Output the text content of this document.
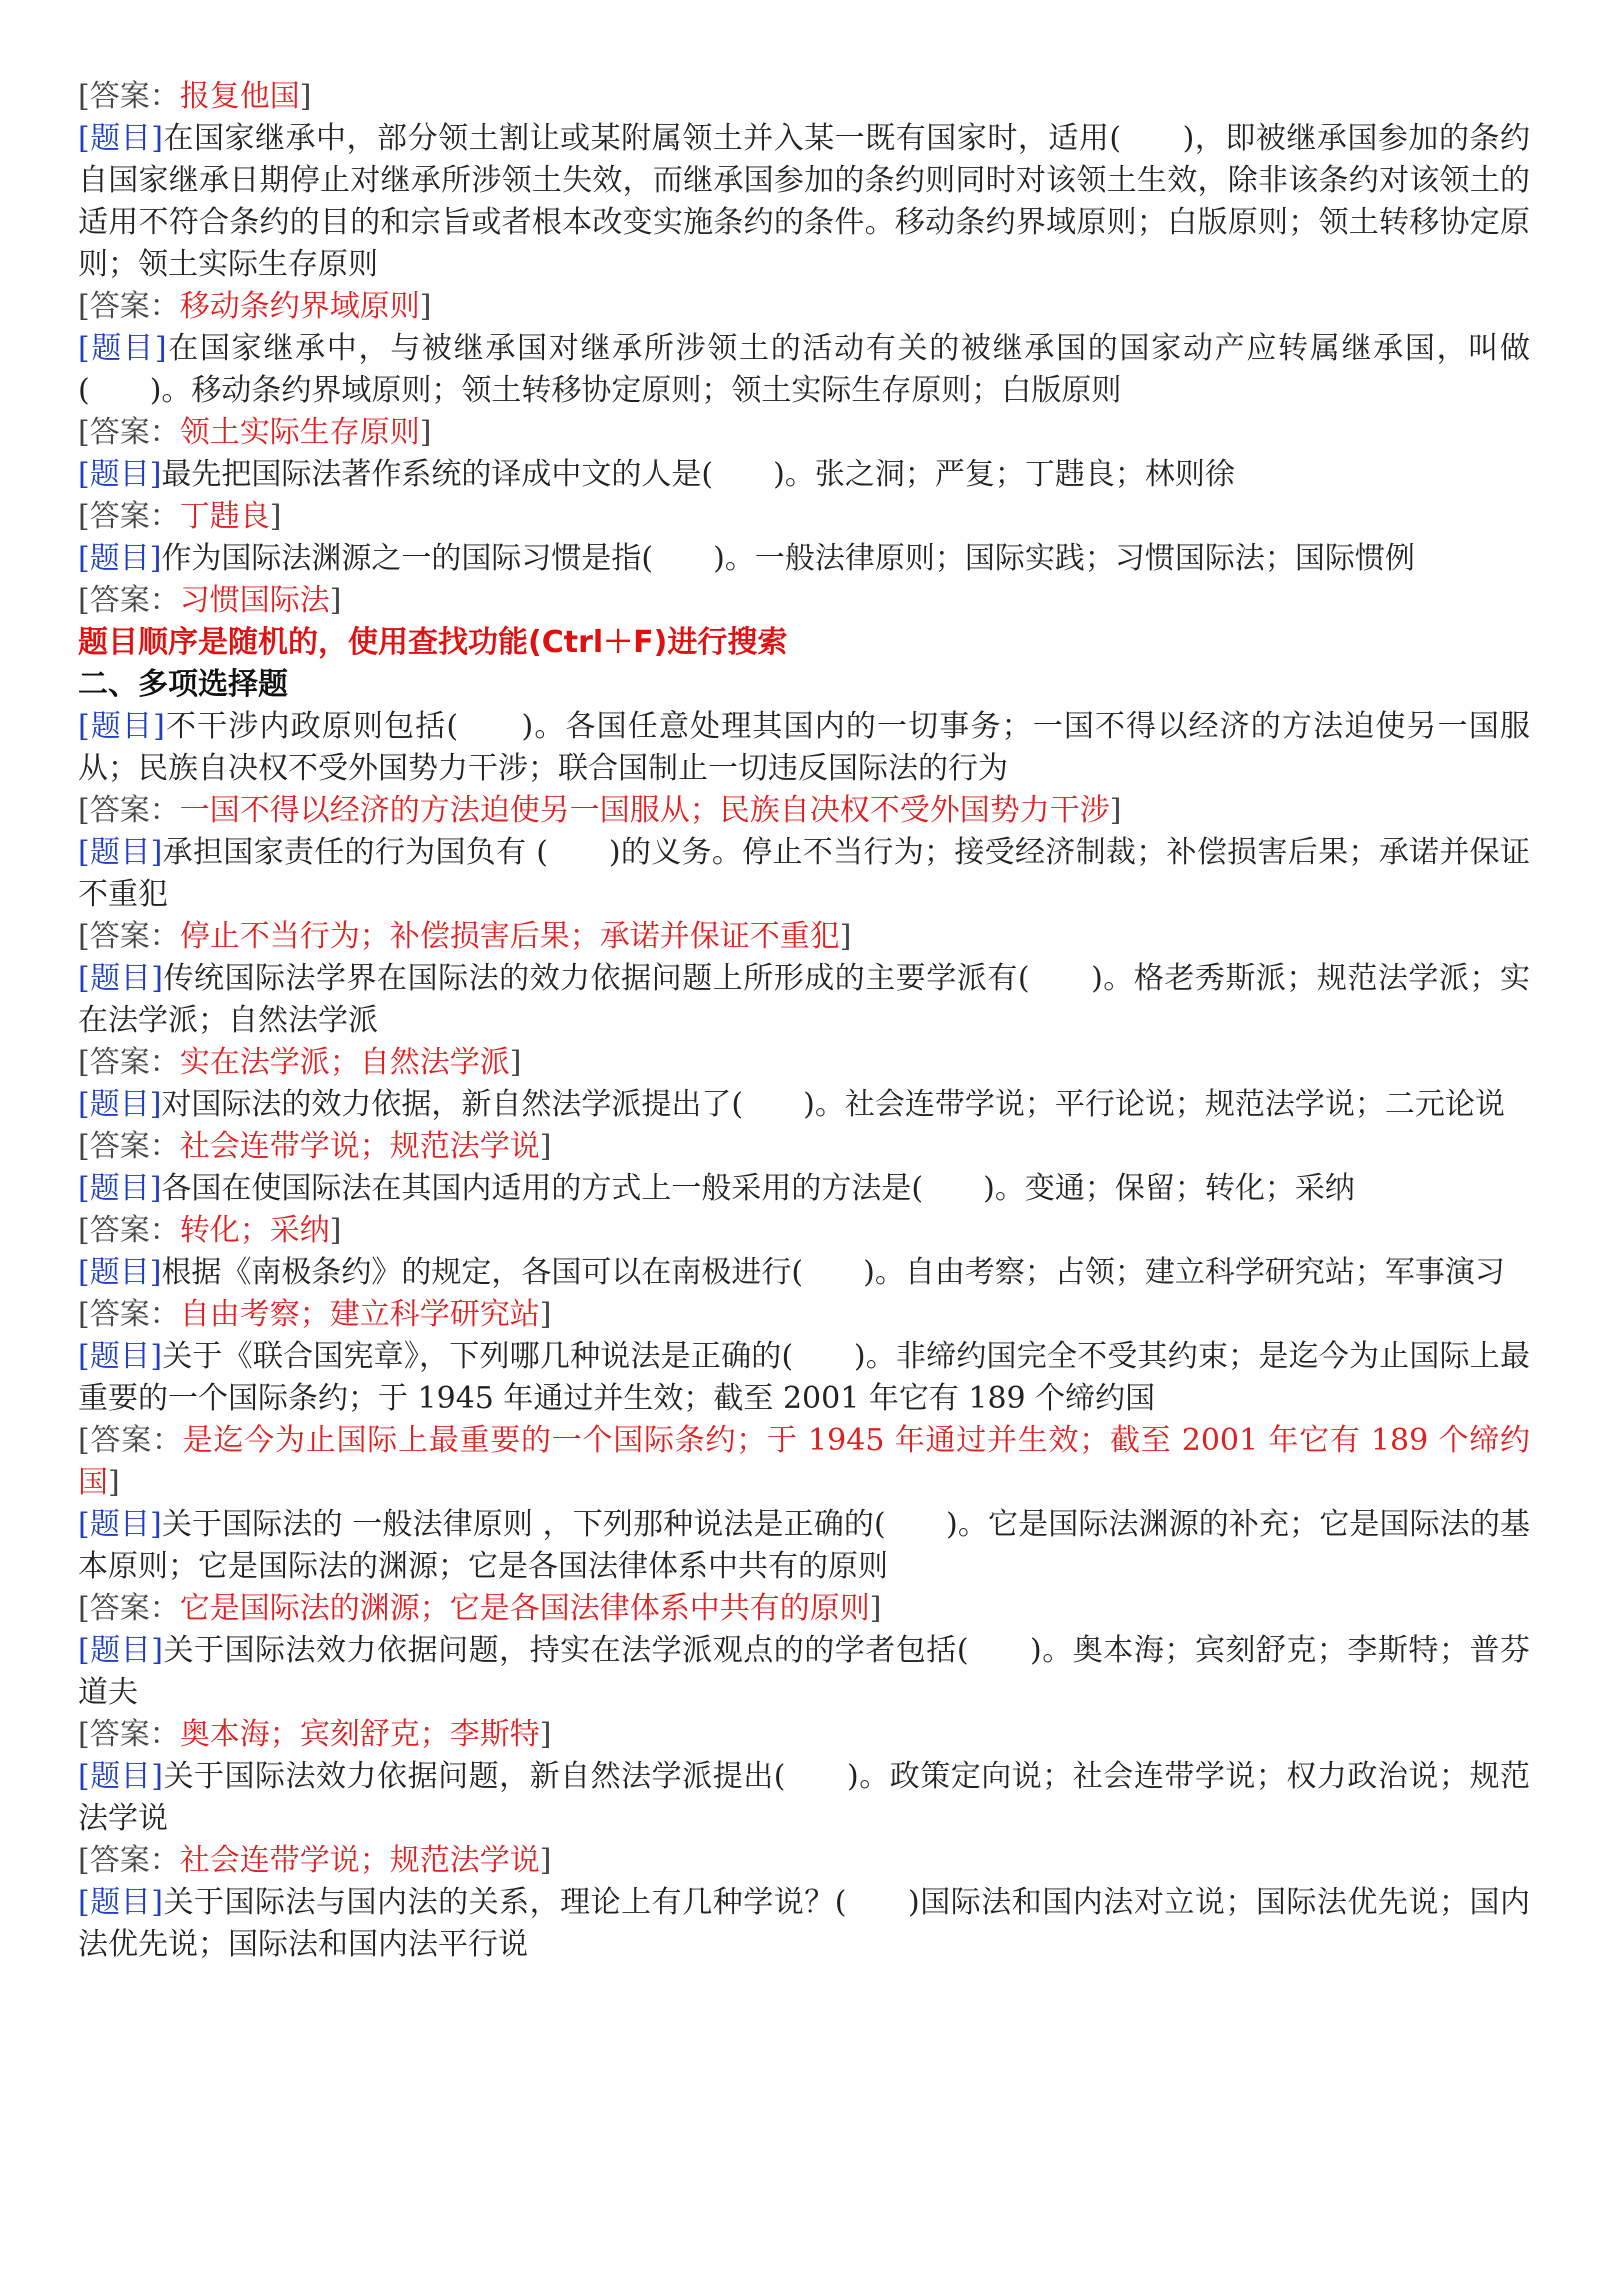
[答案：报复他国]

[题目]在国家继承中，部分领土割让或某附属领土并入某一既有国家时，适用(　　)，即被继承国参加的条约自国家继承日期停止对继承所涉领土失效，而继承国参加的条约则同时对该领土生效，除非该条约对该领土的适用不符合条约的目的和宗旨或者根本改变实施条约的条件。移动条约界域原则；白版原则；领土转移协定原则；领土实际生存原则

[答案：移动条约界域原则]

[题目]在国家继承中，与被继承国对继承所涉领土的活动有关的被继承国的国家动产应转属继承国，叫做(　　)。移动条约界域原则；领土转移协定原则；领土实际生存原则；白版原则

[答案：领土实际生存原则]

[题目]最先把国际法著作系统的译成中文的人是(　　)。张之洞；严复；丁韪良；林则徐

[答案：丁韪良]

[题目]作为国际法渊源之一的国际习惯是指(　　)。一般法律原则；国际实践；习惯国际法；国际惯例

[答案：习惯国际法]

题目顺序是随机的，使用查找功能(Ctrl＋F)进行搜索

二、多项选择题

[题目]不干涉内政原则包括(　　)。各国任意处理其国内的一切事务；一国不得以经济的方法迫使另一国服从；民族自决权不受外国势力干涉；联合国制止一切违反国际法的行为

[答案：一国不得以经济的方法迫使另一国服从；民族自决权不受外国势力干涉]

[题目]承担国家责任的行为国负有 (　　)的义务。停止不当行为；接受经济制裁；补偿损害后果；承诺并保证不重犯

[答案：停止不当行为；补偿损害后果；承诺并保证不重犯]

[题目]传统国际法学界在国际法的效力依据问题上所形成的主要学派有(　　)。格老秀斯派；规范法学派；实在法学派；自然法学派

[答案：实在法学派；自然法学派]

[题目]对国际法的效力依据，新自然法学派提出了(　　)。社会连带学说；平行论说；规范法学说；二元论说

[答案：社会连带学说；规范法学说]

[题目]各国在使国际法在其国内适用的方式上一般采用的方法是(　　)。变通；保留；转化；采纳

[答案：转化；采纳]

[题目]根据《南极条约》的规定，各国可以在南极进行(　　)。自由考察；占领；建立科学研究站；军事演习

[答案：自由考察；建立科学研究站]

[题目]关于《联合国宪章》，下列哪几种说法是正确的(　　)。非缔约国完全不受其约束；是迄今为止国际上最重要的一个国际条约；于 1945 年通过并生效；截至 2001 年它有 189 个缔约国

[答案：是迄今为止国际上最重要的一个国际条约；于 1945 年通过并生效；截至 2001 年它有 189 个缔约国]

[题目]关于国际法的 一般法律原则 ，下列那种说法是正确的(　　)。它是国际法渊源的补充；它是国际法的基本原则；它是国际法的渊源；它是各国法律体系中共有的原则

[答案：它是国际法的渊源；它是各国法律体系中共有的原则]

[题目]关于国际法效力依据问题，持实在法学派观点的的学者包括(　　)。奥本海；宾刻舒克；李斯特；普芬道夫

[答案：奥本海；宾刻舒克；李斯特]

[题目]关于国际法效力依据问题，新自然法学派提出(　　)。政策定向说；社会连带学说；权力政治说；规范法学说

[答案：社会连带学说；规范法学说]

[题目]关于国际法与国内法的关系，理论上有几种学说？(　　)国际法和国内法对立说；国际法优先说；国内法优先说；国际法和国内法平行说
